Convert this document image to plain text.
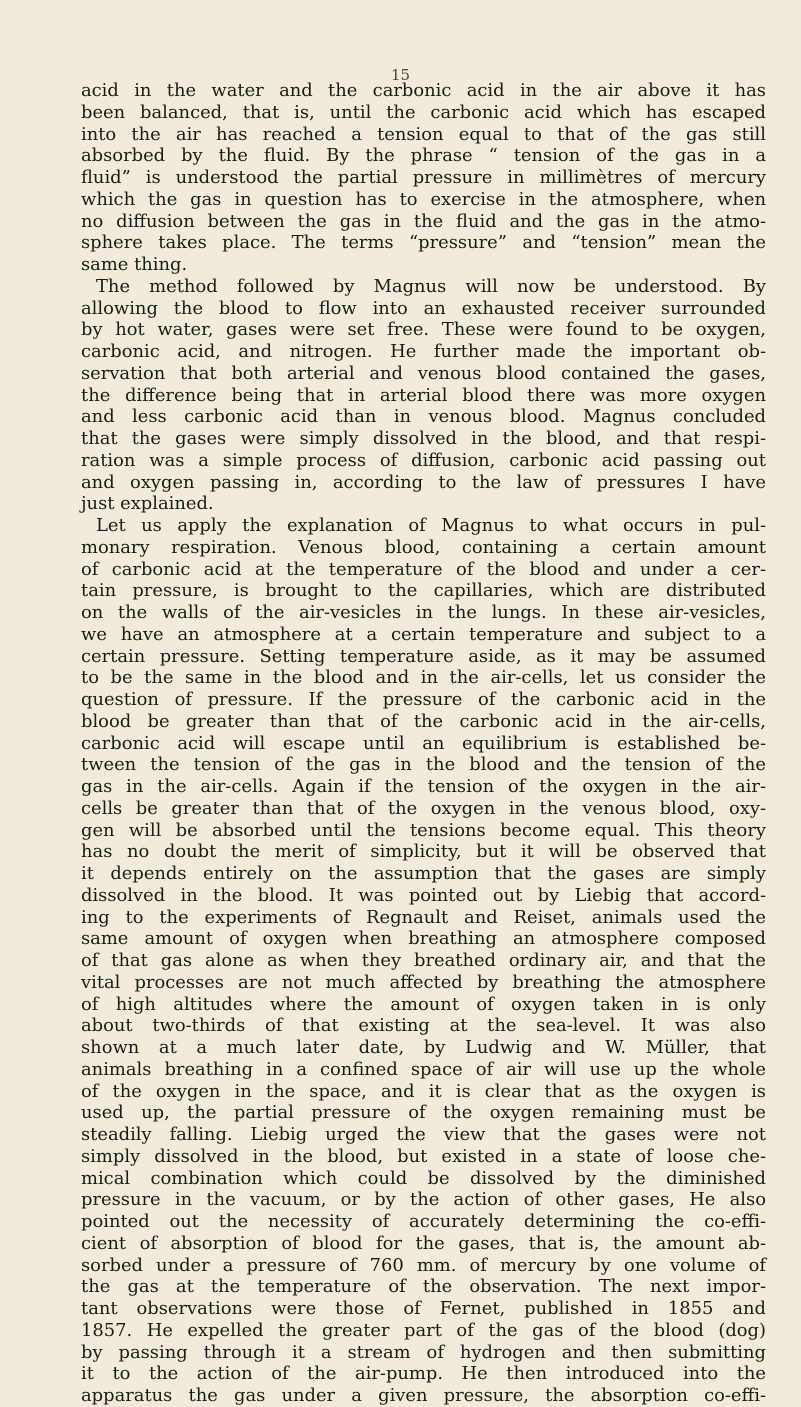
15
acid in the water and the carbonic acid in the air above it has
been balanced, that is, until the carbonic acid which has escaped
into the air has reached a tension equal to that of the gas still
absorbed by the fluid. By the phrase “ tension of the gas in a
fluid” is understood the partial pressure in millimètres of mercury
which the gas in question has to exercise in the atmosphere, when
no diffusion between the gas in the fluid and the gas in the atmo-
sphere takes place. The terms “pressure” and “tension” mean the
same thing.
The method followed by Magnus will now be understood. By
allowing the blood to flow into an exhausted receiver surrounded
by hot water, gases were set free. These were found to be oxygen,
carbonic acid, and nitrogen. He further made the important ob-
servation that both arterial and venous blood contained the gases,
the difference being that in arterial blood there was more oxygen
and less carbonic acid than in venous blood. Magnus concluded
that the gases were simply dissolved in the blood, and that respi-
ration was a simple process of diffusion, carbonic acid passing out
and oxygen passing in, according to the law of pressures I have
just explained.
Let us apply the explanation of Magnus to what occurs in pul-
monary respiration. Venous blood, containing a certain amount
of carbonic acid at the temperature of the blood and under a cer-
tain pressure, is brought to the capillaries, which are distributed
on the walls of the air-vesicles in the lungs. In these air-vesicles,
we have an atmosphere at a certain temperature and subject to a
certain pressure. Setting temperature aside, as it may be assumed
to be the same in the blood and in the air-cells, let us consider the
question of pressure. If the pressure of the carbonic acid in the
blood be greater than that of the carbonic acid in the air-cells,
carbonic acid will escape until an equilibrium is established be-
tween the tension of the gas in the blood and the tension of the
gas in the air-cells. Again if the tension of the oxygen in the air-
cells be greater than that of the oxygen in the venous blood, oxy-
gen will be absorbed until the tensions become equal. This theory
has no doubt the merit of simplicity, but it will be observed that
it depends entirely on the assumption that the gases are simply
dissolved in the blood. It was pointed out by Liebig that accord-
ing to the experiments of Regnault and Reiset, animals used the
same amount of oxygen when breathing an atmosphere composed
of that gas alone as when they breathed ordinary air, and that the
vital processes are not much affected by breathing the atmosphere
of high altitudes where the amount of oxygen taken in is only
about two-thirds of that existing at the sea-level. It was also
shown at a much later date, by Ludwig and W. Müller, that
animals breathing in a confined space of air will use up the whole
of the oxygen in the space, and it is clear that as the oxygen is
used up, the partial pressure of the oxygen remaining must be
steadily falling. Liebig urged the view that the gases were not
simply dissolved in the blood, but existed in a state of loose che-
mical combination which could be dissolved by the diminished
pressure in the vacuum, or by the action of other gases, He also
pointed out the necessity of accurately determining the co-effi-
cient of absorption of blood for the gases, that is, the amount ab-
sorbed under a pressure of 760 mm. of mercury by one volume of
the gas at the temperature of the observation. The next impor-
tant observations were those of Fernet, published in 1855 and
1857. He expelled the greater part of the gas of the blood (dog)
by passing through it a stream of hydrogen and then submitting
it to the action of the air-pump. He then introduced into the
apparatus the gas under a given pressure, the absorption co-effi-
